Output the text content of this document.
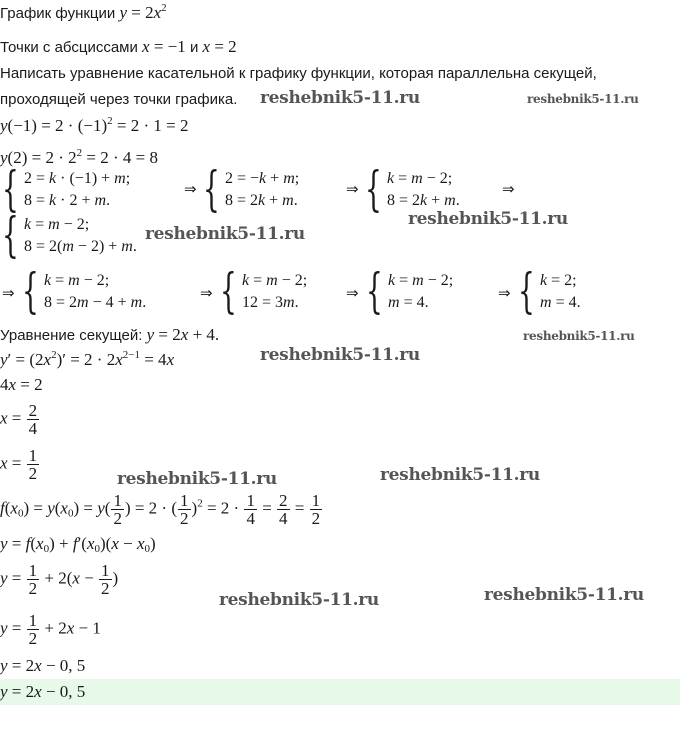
График функции $y = 2x^2$
Точки с абсциссами x = −1 и x = 2
Написать уравнение касательной к графику функции, которая параллельна секущей,
проходящей через точки графика. reshebnik5-11.ru	reshebnik5-11.ru
$y(-1) = 2 \cdot (-1)^2 = 2 \cdot 1 = 2$
$y(2) = 2 \cdot 2^2 = 2 \cdot 4 = 8$
{ 2 = k · (−1) + m;
8 = k · 2 + m.
⇒ { 2 = −k + m;
8 = 2k + m.
⇒ { k = m − 2;
8 = 2k + m.
⇒
reshebnik5-11.ru
{ k = m − 2;
8 = 2(m − 2) + m.
reshebnik5-11.ru
⇒ { k = m − 2;
8 = 2m − 4 + m.
⇒ { k = m − 2;
12 = 3m.
⇒ { k = m − 2;
m = 4.
⇒ { k = 2;
m = 4.
Уравнение секущей: y = 2x + 4.	reshebnik5-11.ru
$y' = (2x^2)' = 2 \cdot 2x^{2-1} = 4x$	reshebnik5-11.ru
4x = 2
$x = \frac{2}{4}$
$x = \frac{1}{2}$	reshebnik5-11.ru	reshebnik5-11.ru
$f(x_0) = y(x_0) = y( \frac{1}{2}$ ) = 2 · ( $\frac{1}{2} )^2 = 2 \cdot \frac{1}{4} = \frac{2}{4} = \frac{1}{2}$
$y = f(x_0) + f'(x_0)(x - x_0)$
$y = \frac{1}{2} + 2(x - \frac{1}{2}$ )
reshebnik5-11.ru	reshebnik5-11.ru
$y = \frac{1}{2} + 2x - 1$
y = 2x − 0, 5
y = 2x − 0, 5
